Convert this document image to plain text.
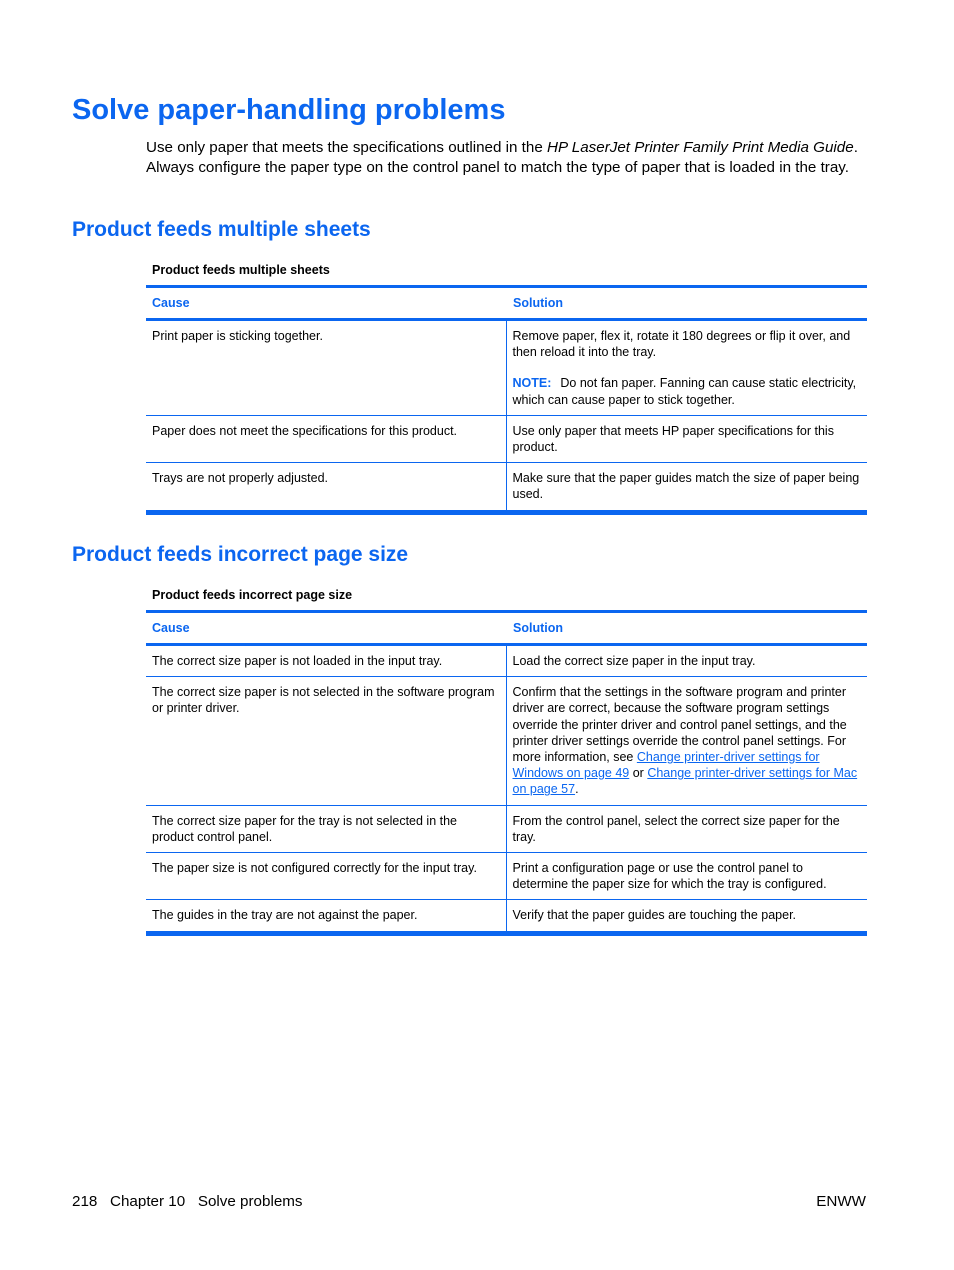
Solve paper-handling problems

Use only paper that meets the specifications outlined in the HP LaserJet Printer Family Print Media Guide. Always configure the paper type on the control panel to match the type of paper that is loaded in the tray.

Product feeds multiple sheets
Product feeds multiple sheets
Cause	Solution
Print paper is sticking together.	Remove paper, flex it, rotate it 180 degrees or flip it over, and then reload it into the tray.
NOTE: Do not fan paper. Fanning can cause static electricity, which can cause paper to stick together.

Paper does not meet the specifications for this product.	Use only paper that meets HP paper specifications for this product.
Trays are not properly adjusted.	Make sure that the paper guides match the size of paper being used.
Product feeds incorrect page size
Product feeds incorrect page size
Cause	Solution
The correct size paper is not loaded in the input tray.	Load the correct size paper in the input tray.
The correct size paper is not selected in the software program or printer driver.	Confirm that the settings in the software program and printer driver are correct, because the software program settings override the printer driver and control panel settings, and the printer driver settings override the control panel settings. For more information, see Change printer-driver settings for Windows on page 49 or Change printer-driver settings for Mac on page 57.
The correct size paper for the tray is not selected in the product control panel.	From the control panel, select the correct size paper for the tray.
The paper size is not configured correctly for the input tray.	Print a configuration page or use the control panel to determine the paper size for which the tray is configured.
The guides in the tray are not against the paper.	Verify that the paper guides are touching the paper.
218 Chapter 10 Solve problems	ENWW
